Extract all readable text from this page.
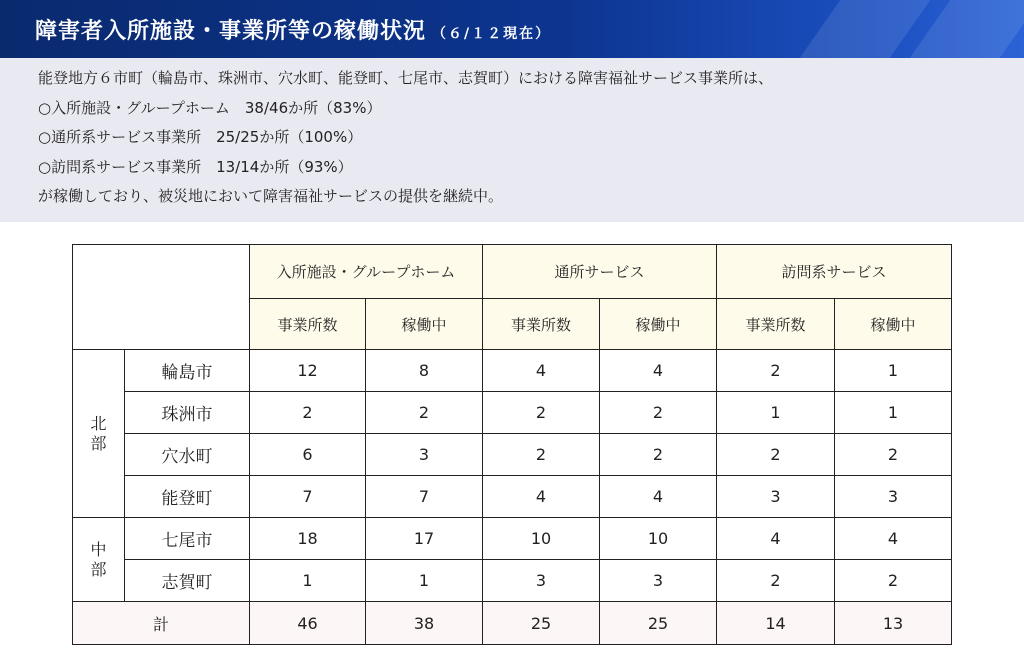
障害者入所施設・事業所等の稼働状況 （６/１２現在）
能登地方６市町（輪島市、珠洲市、穴水町、能登町、七尾市、志賀町）における障害福祉サービス事業所は、
○入所施設・グループホーム　38/46か所（83%）
○通所系サービス事業所　25/25か所（100%）
○訪問系サービス事業所　13/14か所（93%）
が稼働しており、被災地において障害福祉サービスの提供を継続中。
		入所施設・グループホーム		通所サービス		訪問系サービス	
		事業所数	稼働中	事業所数	稼働中	事業所数	稼働中
北部	輪島市	12	8	4	4	2	1
	珠洲市	2	2	2	2	1	1
	穴水町	6	3	2	2	2	2
	能登町	7	7	4	4	3	3
中部	七尾市	18	17	10	10	4	4
	志賀町	1	1	3	3	2	2
計		46	38	25	25	14	13
